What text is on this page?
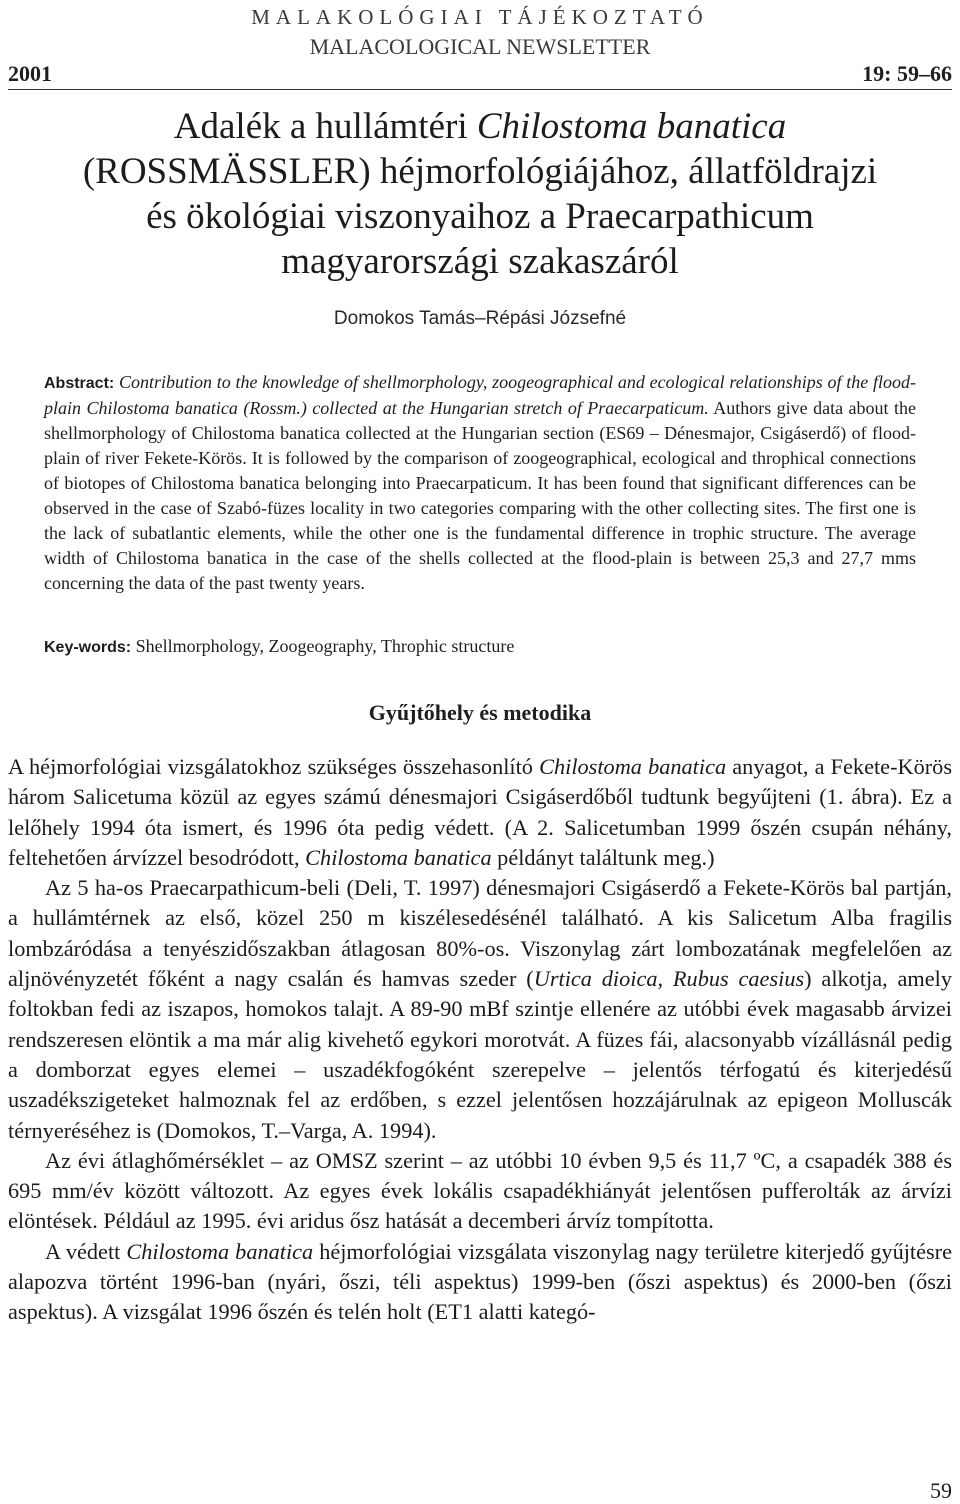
MALAKOLÓGIAI TÁJÉKOZTATÓ
MALACOLOGICAL NEWSLETTER
2001	19: 59–66
Adalék a hullámtéri Chilostoma banatica
(ROSSMÄSSLER) héjmorfológiájához, állatföldrajzi
és ökológiai viszonyaihoz a Praecarpathicum
magyarországi szakaszáról
Domokos Tamás–Répási Józsefné
Abstract: Contribution to the knowledge of shellmorphology, zoogeographical and ecological relationships of the flood-plain Chilostoma banatica (Rossm.) collected at the Hungarian stretch of Praecarpaticum. Authors give data about the shellmorphology of Chilostoma banatica collected at the Hungarian section (ES69 – Dénesmajor, Csigáserdő) of flood-plain of river Fekete-Körös. It is followed by the comparison of zoogeographical, ecological and throphical connections of biotopes of Chilostoma banatica belonging into Praecarpaticum. It has been found that significant differences can be observed in the case of Szabó-füzes locality in two categories comparing with the other collecting sites. The first one is the lack of subatlantic elements, while the other one is the fundamental difference in trophic structure. The average width of Chilostoma banatica in the case of the shells collected at the flood-plain is between 25,3 and 27,7 mms concerning the data of the past twenty years.
Key-words: Shellmorphology, Zoogeography, Throphic structure
Gyűjtőhely és metodika

A héjmorfológiai vizsgálatokhoz szükséges összehasonlító Chilostoma banatica anyagot, a Fekete-Körös három Salicetuma közül az egyes számú dénesmajori Csigáserdőből tudtunk begyűjteni (1. ábra). Ez a lelőhely 1994 óta ismert, és 1996 óta pedig védett. (A 2. Salicetumban 1999 őszén csupán néhány, feltehetően árvízzel besodródott, Chilostoma banatica példányt találtunk meg.)

Az 5 ha-os Praecarpathicum-beli (Deli, T. 1997) dénesmajori Csigáserdő a Fekete-Körös bal partján, a hullámtérnek az első, közel 250 m kiszélesedésénél található. A kis Salicetum Alba fragilis lombzáródása a tenyészidőszakban átlagosan 80%-os. Viszonylag zárt lombozatának megfelelően az aljnövényzetét főként a nagy csalán és hamvas szeder (Urtica dioica, Rubus caesius) alkotja, amely foltokban fedi az iszapos, homokos talajt. A 89-90 mBf szintje ellenére az utóbbi évek magasabb árvizei rendszeresen elöntik a ma már alig kivehető egykori morotvát. A füzes fái, alacsonyabb vízállásnál pedig a domborzat egyes elemei – uszadékfogóként szerepelve – jelentős térfogatú és kiterjedésű uszadékszigeteket halmoznak fel az erdőben, s ezzel jelentősen hozzájárulnak az epigeon Molluscák térnyeréséhez is (Domokos, T.–Varga, A. 1994).

Az évi átlaghőmérséklet – az OMSZ szerint – az utóbbi 10 évben 9,5 és 11,7 ºC, a csapadék 388 és 695 mm/év között változott. Az egyes évek lokális csapadékhiányát jelentősen pufferolták az árvízi elöntések. Például az 1995. évi aridus ősz hatását a decemberi árvíz tompította.

A védett Chilostoma banatica héjmorfológiai vizsgálata viszonylag nagy területre kiterjedő gyűjtésre alapozva történt 1996-ban (nyári, őszi, téli aspektus) 1999-ben (őszi aspektus) és 2000-ben (őszi aspektus). A vizsgálat 1996 őszén és telén holt (ET1 alatti kategó-

59
